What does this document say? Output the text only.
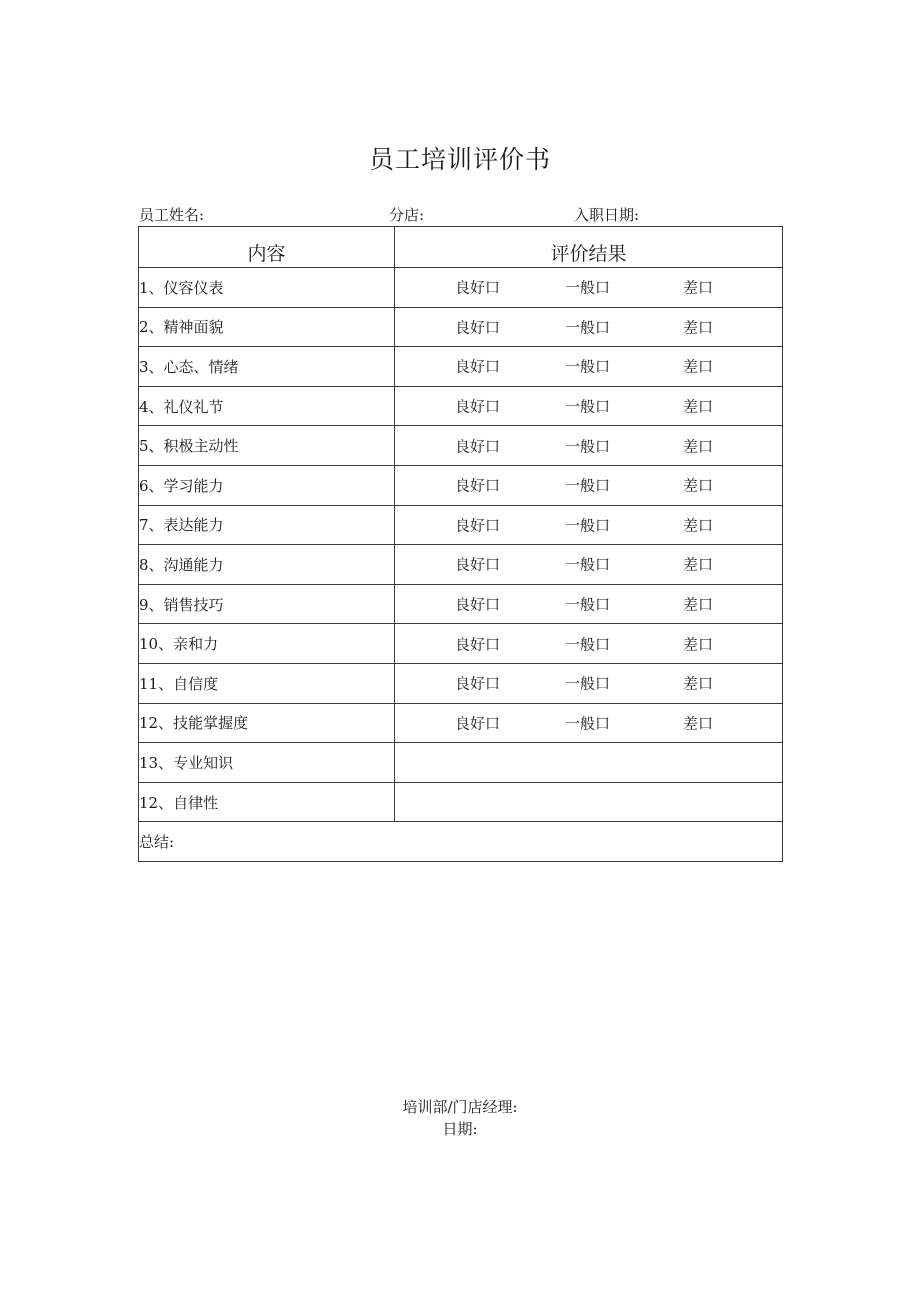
员工培训评价书
员工姓名:	分店:	入职日期:
内容	评价结果
1、仪容仪表	良好口 一般口 差口

2、精神面貌	良好口 一般口 差口

3、心态、情绪	良好口 一般口 差口

4、礼仪礼节	良好口 一般口 差口

5、积极主动性	良好口 一般口 差口

6、学习能力	良好口 一般口 差口

7、表达能力	良好口 一般口 差口

8、沟通能力	良好口 一般口 差口

9、销售技巧	良好口 一般口 差口

10、亲和力	良好口 一般口 差口

11、自信度	良好口 一般口 差口

12、技能掌握度	良好口 一般口 差口

13、专业知识	
12、自律性	
总结:	
培训部/门店经理:
日期:
